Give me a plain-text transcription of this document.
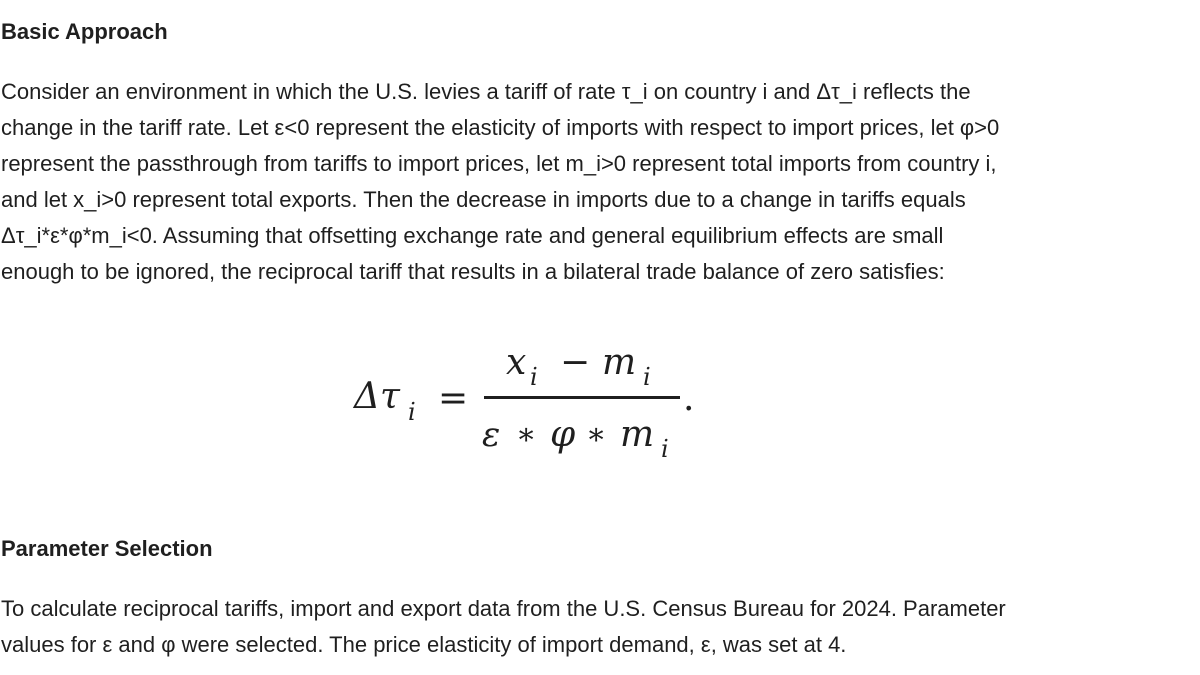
Basic Approach

Consider an environment in which the U.S. levies a tariff of rate τ_i on country i and Δτ_i reflects the
change in the tariff rate. Let ε<0 represent the elasticity of imports with respect to import prices, let φ>0
represent the passthrough from tariffs to import prices, let m_i>0 represent total imports from country i,
and let x_i>0 represent total exports. Then the decrease in imports due to a change in tariffs equals
Δτ_i*ε*φ*m_i<0. Assuming that offsetting exchange rate and general equilibrium effects are small
enough to be ignored, the reciprocal tariff that results in a bilateral trade balance of zero satisfies:

Δτ i =
x i − m i
.
ε ∗ φ ∗ m i
Parameter Selection

To calculate reciprocal tariffs, import and export data from the U.S. Census Bureau for 2024. Parameter
values for ε and φ were selected. The price elasticity of import demand, ε, was set at 4.
